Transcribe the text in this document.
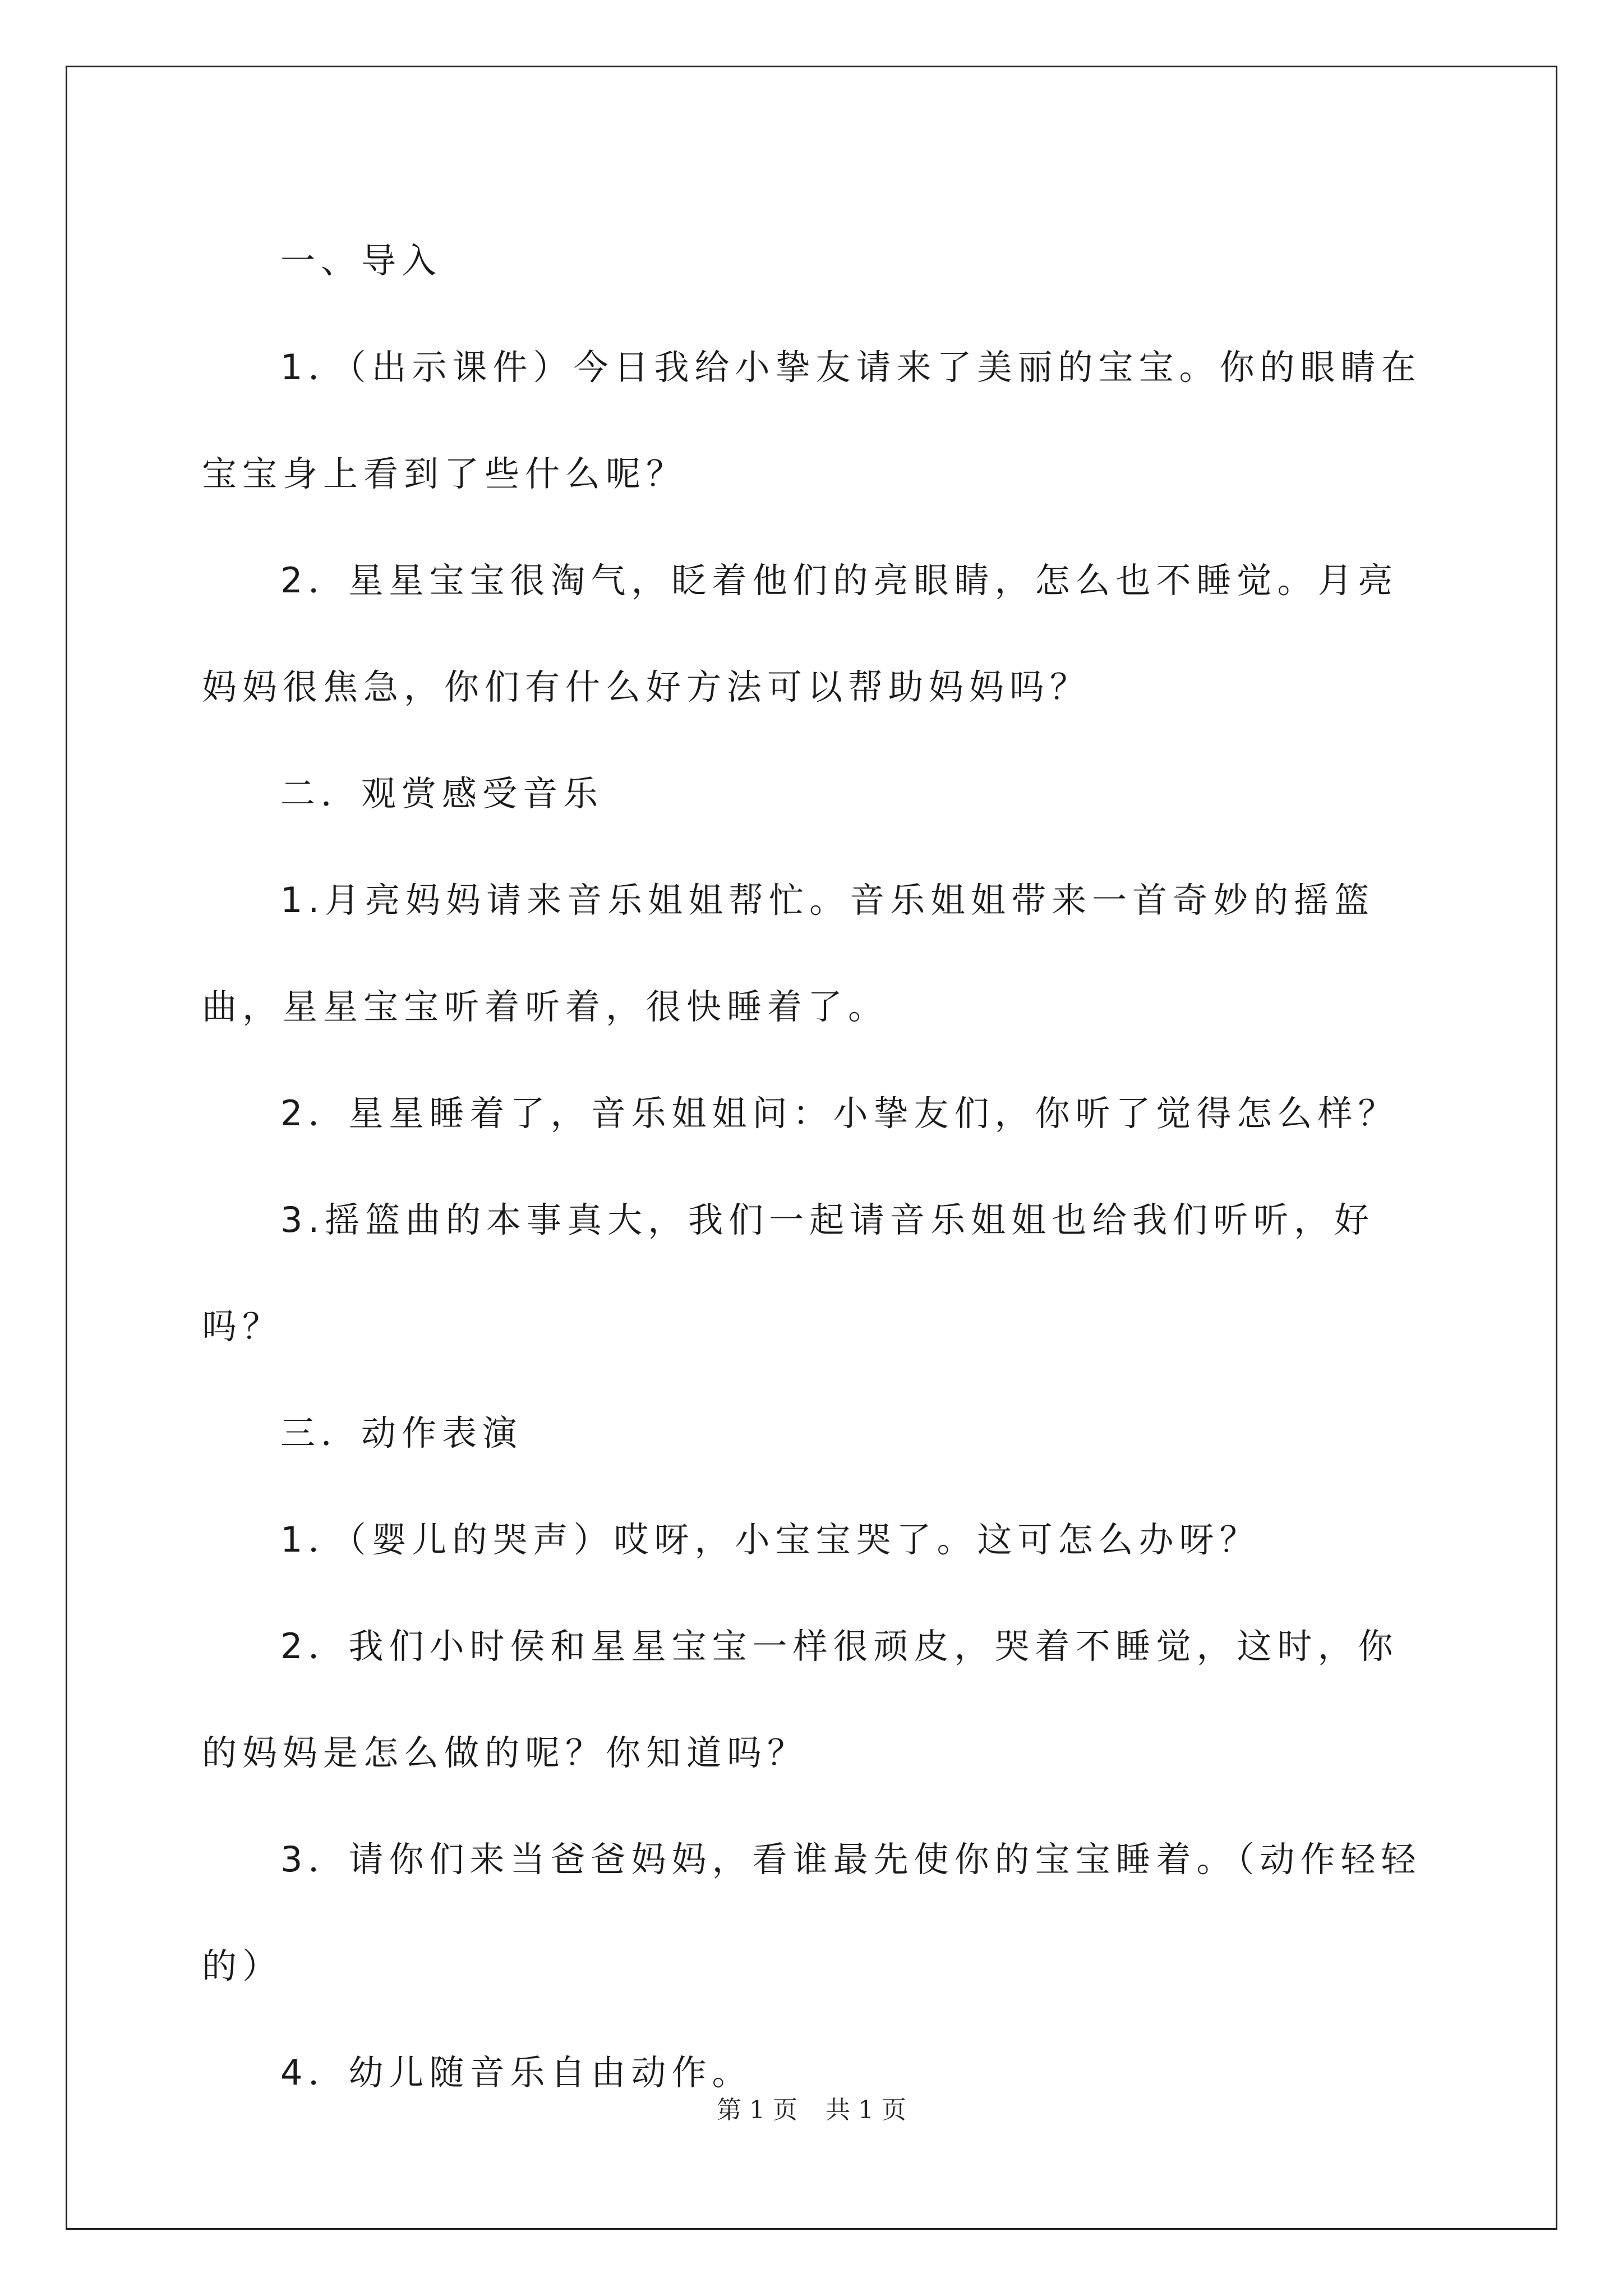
一、导入

1．（出示课件）今日我给小挚友请来了美丽的宝宝。你的眼睛在宝宝身上看到了些什么呢？

2．星星宝宝很淘气，眨着他们的亮眼睛，怎么也不睡觉。月亮妈妈很焦急，你们有什么好方法可以帮助妈妈吗？

二．观赏感受音乐

1.月亮妈妈请来音乐姐姐帮忙。音乐姐姐带来一首奇妙的摇篮曲，星星宝宝听着听着，很快睡着了。

2．星星睡着了，音乐姐姐问：小挚友们，你听了觉得怎么样？

3.摇篮曲的本事真大，我们一起请音乐姐姐也给我们听听，好吗？

三．动作表演

1．（婴儿的哭声）哎呀，小宝宝哭了。这可怎么办呀？

2．我们小时侯和星星宝宝一样很顽皮，哭着不睡觉，这时，你的妈妈是怎么做的呢？你知道吗？

3．请你们来当爸爸妈妈，看谁最先使你的宝宝睡着。（动作轻轻的）

4．幼儿随音乐自由动作。

第 1 页 共 1 页
